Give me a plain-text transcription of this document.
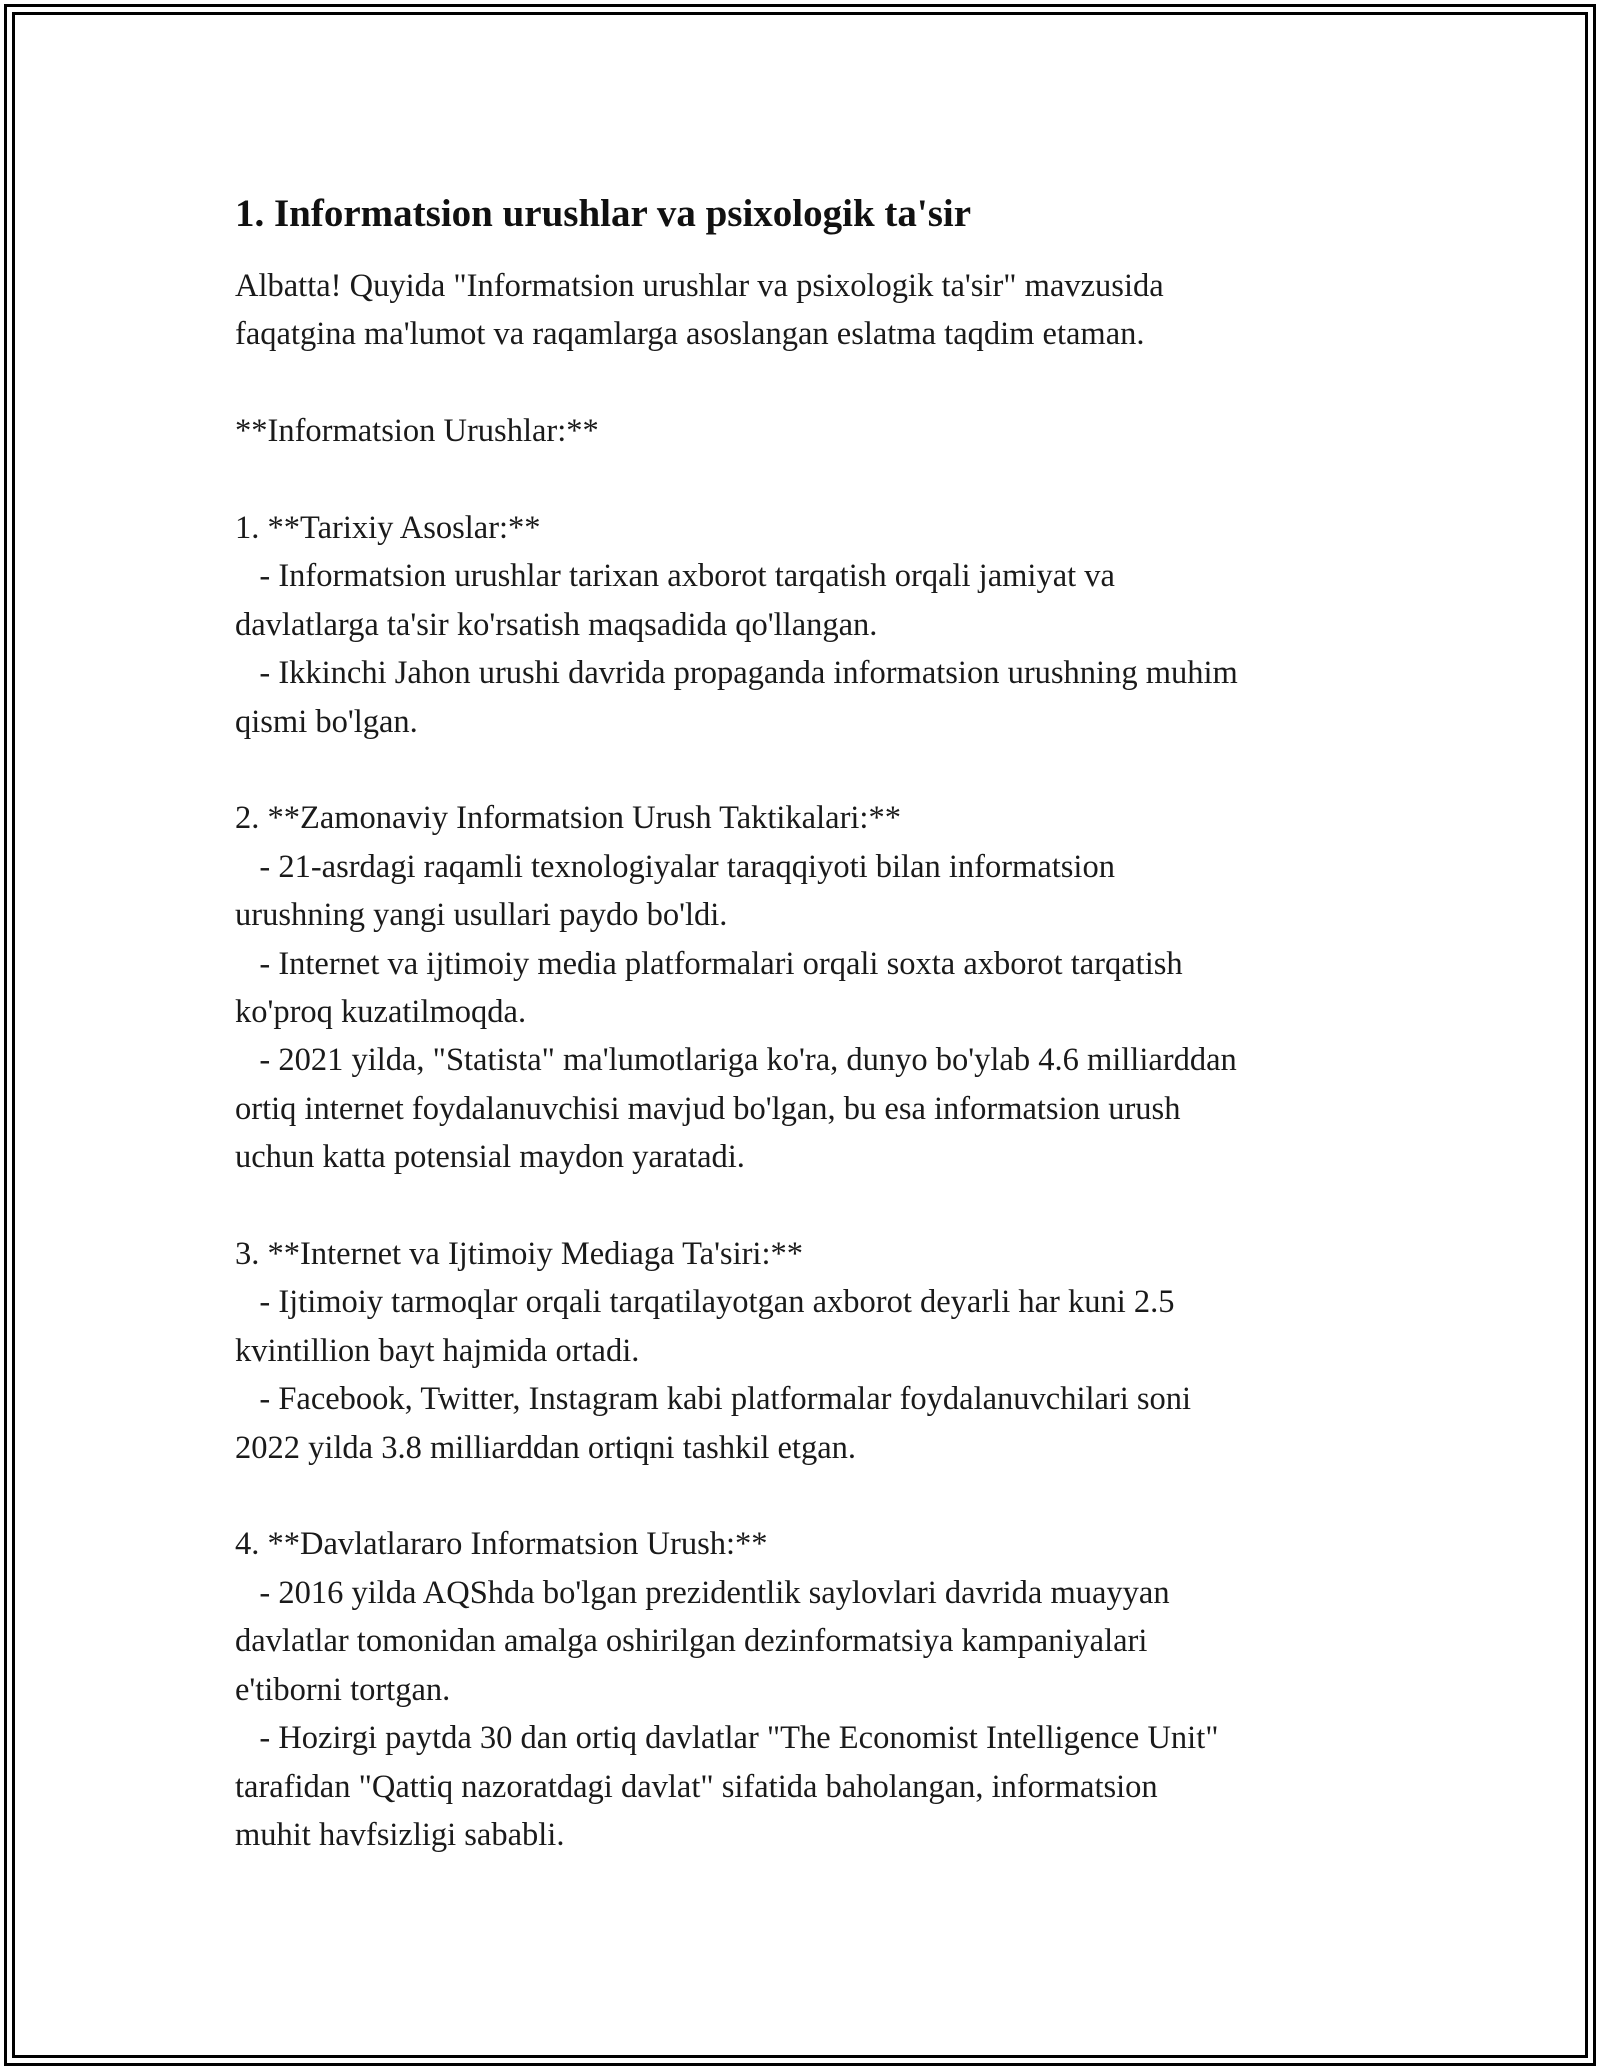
1. Informatsion urushlar va psixologik ta'sir

Albatta! Quyida "Informatsion urushlar va psixologik ta'sir" mavzusida

faqatgina ma'lumot va raqamlarga asoslangan eslatma taqdim etaman.

**Informatsion Urushlar:**

1. **Tarixiy Asoslar:**

- Informatsion urushlar tarixan axborot tarqatish orqali jamiyat va

davlatlarga ta'sir ko'rsatish maqsadida qo'llangan.

- Ikkinchi Jahon urushi davrida propaganda informatsion urushning muhim

qismi bo'lgan.

2. **Zamonaviy Informatsion Urush Taktikalari:**

- 21-asrdagi raqamli texnologiyalar taraqqiyoti bilan informatsion

urushning yangi usullari paydo bo'ldi.

- Internet va ijtimoiy media platformalari orqali soxta axborot tarqatish

ko'proq kuzatilmoqda.

- 2021 yilda, "Statista" ma'lumotlariga ko'ra, dunyo bo'ylab 4.6 milliarddan

ortiq internet foydalanuvchisi mavjud bo'lgan, bu esa informatsion urush

uchun katta potensial maydon yaratadi.

3. **Internet va Ijtimoiy Mediaga Ta'siri:**

- Ijtimoiy tarmoqlar orqali tarqatilayotgan axborot deyarli har kuni 2.5

kvintillion bayt hajmida ortadi.

- Facebook, Twitter, Instagram kabi platformalar foydalanuvchilari soni

2022 yilda 3.8 milliarddan ortiqni tashkil etgan.

4. **Davlatlararo Informatsion Urush:**

- 2016 yilda AQShda bo'lgan prezidentlik saylovlari davrida muayyan

davlatlar tomonidan amalga oshirilgan dezinformatsiya kampaniyalari

e'tiborni tortgan.

- Hozirgi paytda 30 dan ortiq davlatlar "The Economist Intelligence Unit"

tarafidan "Qattiq nazoratdagi davlat" sifatida baholangan, informatsion

muhit havfsizligi sababli.
